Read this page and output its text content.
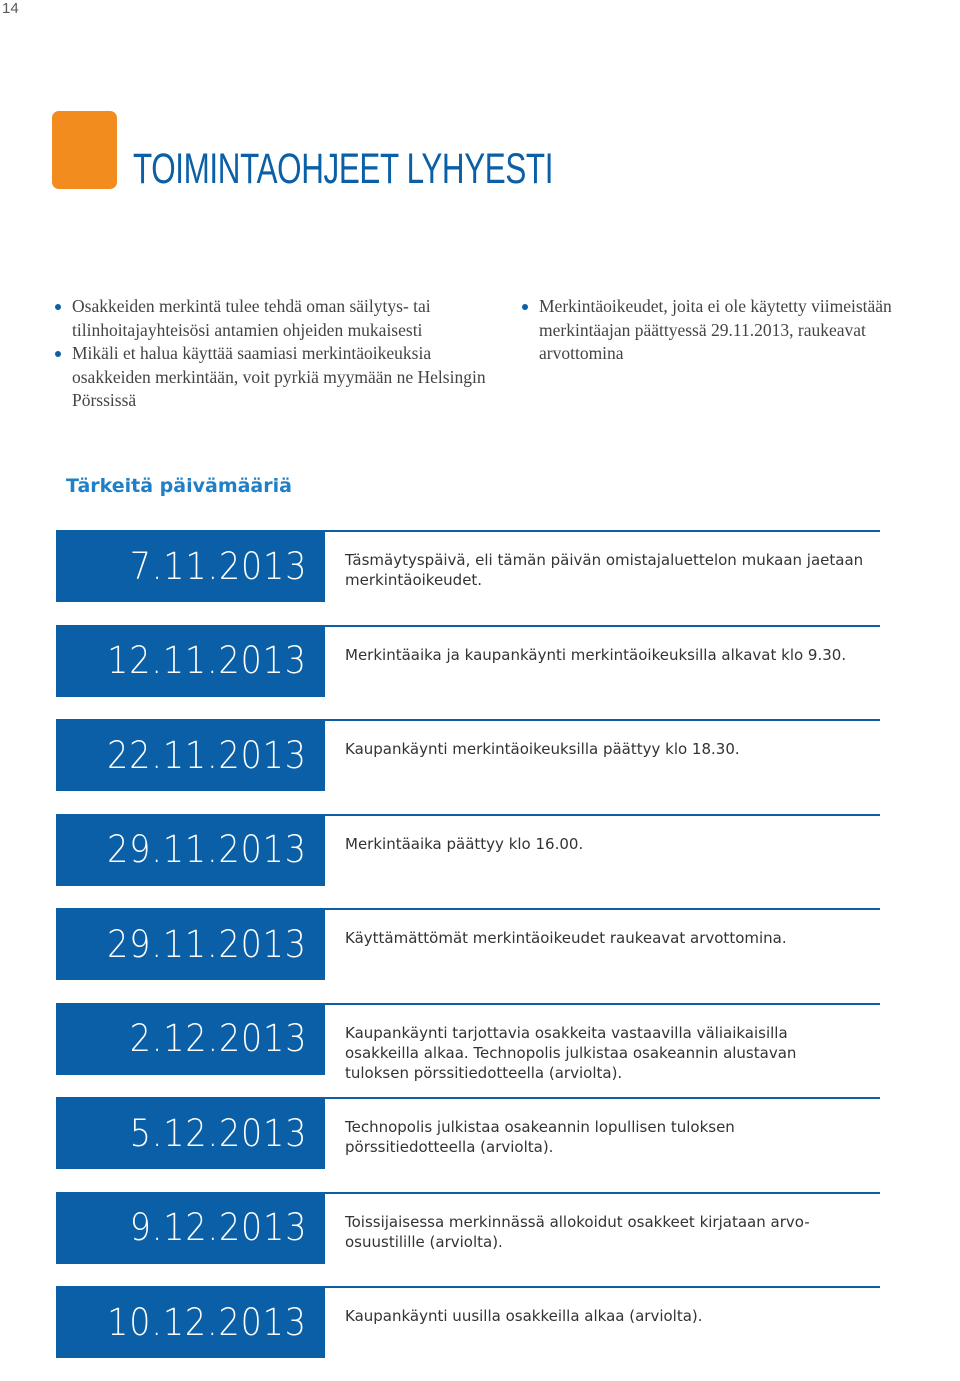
14
TOIMINTAOHJEET LYHYESTI
Osakkeiden merkintä tulee tehdä oman säilytys- tai tilinhoitajayhteisösi antamien ohjeiden mukaisesti
Mikäli et halua käyttää saamiasi merkintäoikeuksia osakkeiden merkintään, voit pyrkiä myymään ne Helsingin Pörssissä
Merkintäoikeudet, joita ei ole käytetty viimeistään merkintäajan päättyessä 29.11.2013, raukeavat arvottomina
Tärkeitä päivämääriä
7.11.2013	Täsmäytyspäivä, eli tämän päivän omistajaluettelon mukaan jaetaan merkintäoikeudet.
12.11.2013	Merkintäaika ja kaupankäynti merkintäoikeuksilla alkavat klo 9.30.
22.11.2013	Kaupankäynti merkintäoikeuksilla päättyy klo 18.30.
29.11.2013	Merkintäaika päättyy klo 16.00.
29.11.2013	Käyttämättömät merkintäoikeudet raukeavat arvottomina.
2.12.2013	Kaupankäynti tarjottavia osakkeita vastaavilla väliaikaisilla osakkeilla alkaa. Technopolis julkistaa osakeannin alustavan tuloksen pörssitiedotteella (arviolta).
5.12.2013	Technopolis julkistaa osakeannin lopullisen tuloksen pörssitiedotteella (arviolta).
9.12.2013	Toissijaisessa merkinnässä allokoidut osakkeet kirjataan arvo-osuustilille (arviolta).
10.12.2013	Kaupankäynti uusilla osakkeilla alkaa (arviolta).
